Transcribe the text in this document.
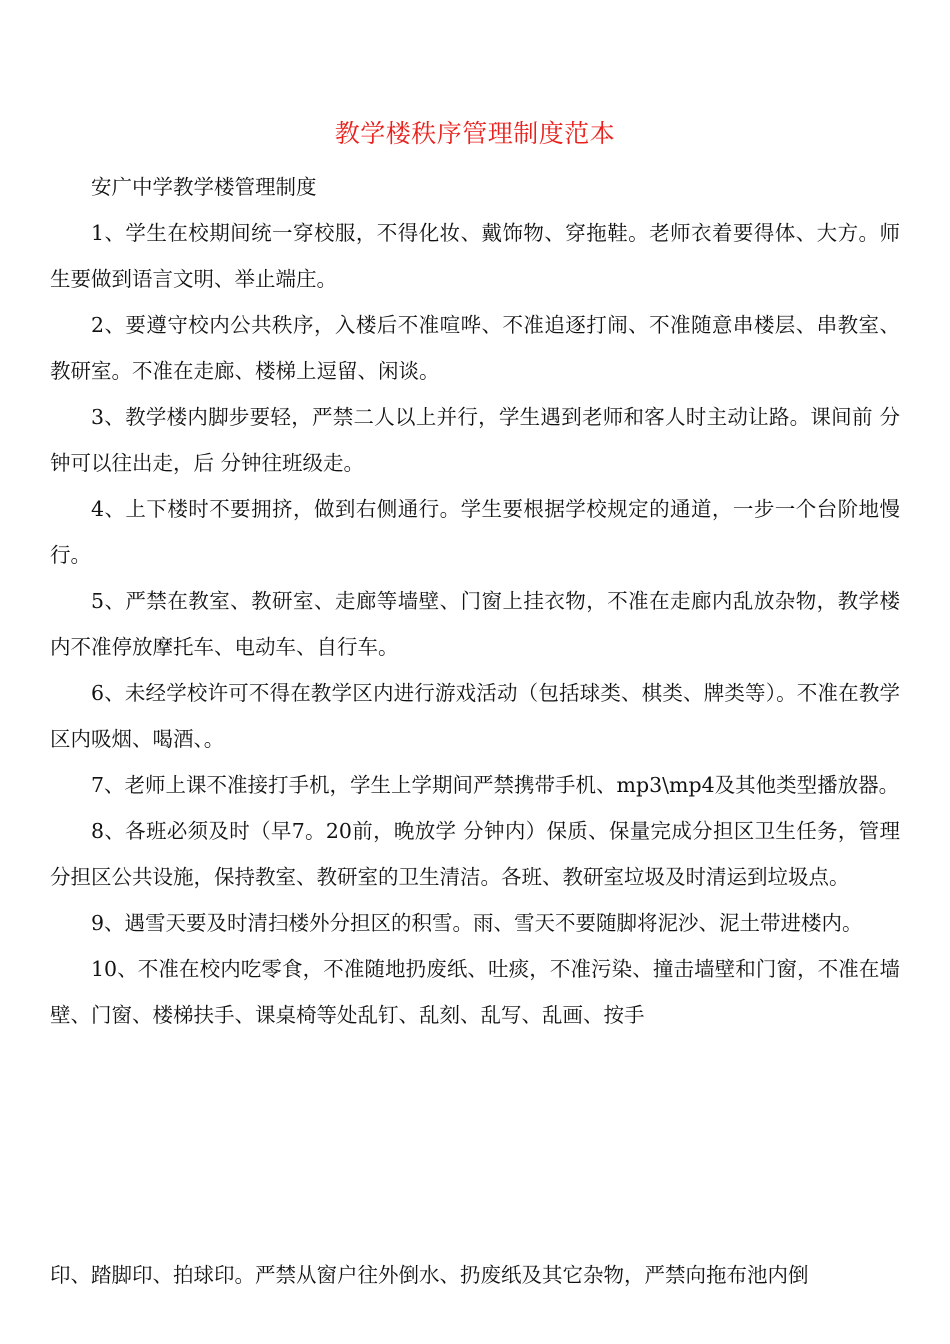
教学楼秩序管理制度范本

安广中学教学楼管理制度

1、学生在校期间统一穿校服，不得化妆、戴饰物、穿拖鞋。老师衣着要得体、大方。师生要做到语言文明、举止端庄。

2、要遵守校内公共秩序，入楼后不准喧哗、不准追逐打闹、不准随意串楼层、串教室、教研室。不准在走廊、楼梯上逗留、闲谈。

3、教学楼内脚步要轻，严禁二人以上并行，学生遇到老师和客人时主动让路。课间前 分钟可以往出走，后 分钟往班级走。

4、上下楼时不要拥挤，做到右侧通行。学生要根据学校规定的通道，一步一个台阶地慢行。

5、严禁在教室、教研室、走廊等墙壁、门窗上挂衣物，不准在走廊内乱放杂物，教学楼内不准停放摩托车、电动车、自行车。

6、未经学校许可不得在教学区内进行游戏活动（包括球类、棋类、牌类等）。不准在教学区内吸烟、喝酒、。

7、老师上课不准接打手机，学生上学期间严禁携带手机、mp3\mp4及其他类型播放器。

8、各班必须及时（早7。20前，晚放学 分钟内）保质、保量完成分担区卫生任务，管理分担区公共设施，保持教室、教研室的卫生清洁。各班、教研室垃圾及时清运到垃圾点。

9、遇雪天要及时清扫楼外分担区的积雪。雨、雪天不要随脚将泥沙、泥土带进楼内。

10、不准在校内吃零食，不准随地扔废纸、吐痰，不准污染、撞击墙壁和门窗，不准在墙壁、门窗、楼梯扶手、课桌椅等处乱钉、乱刻、乱写、乱画、按手

印、踏脚印、拍球印。严禁从窗户往外倒水、扔废纸及其它杂物，严禁向拖布池内倒
